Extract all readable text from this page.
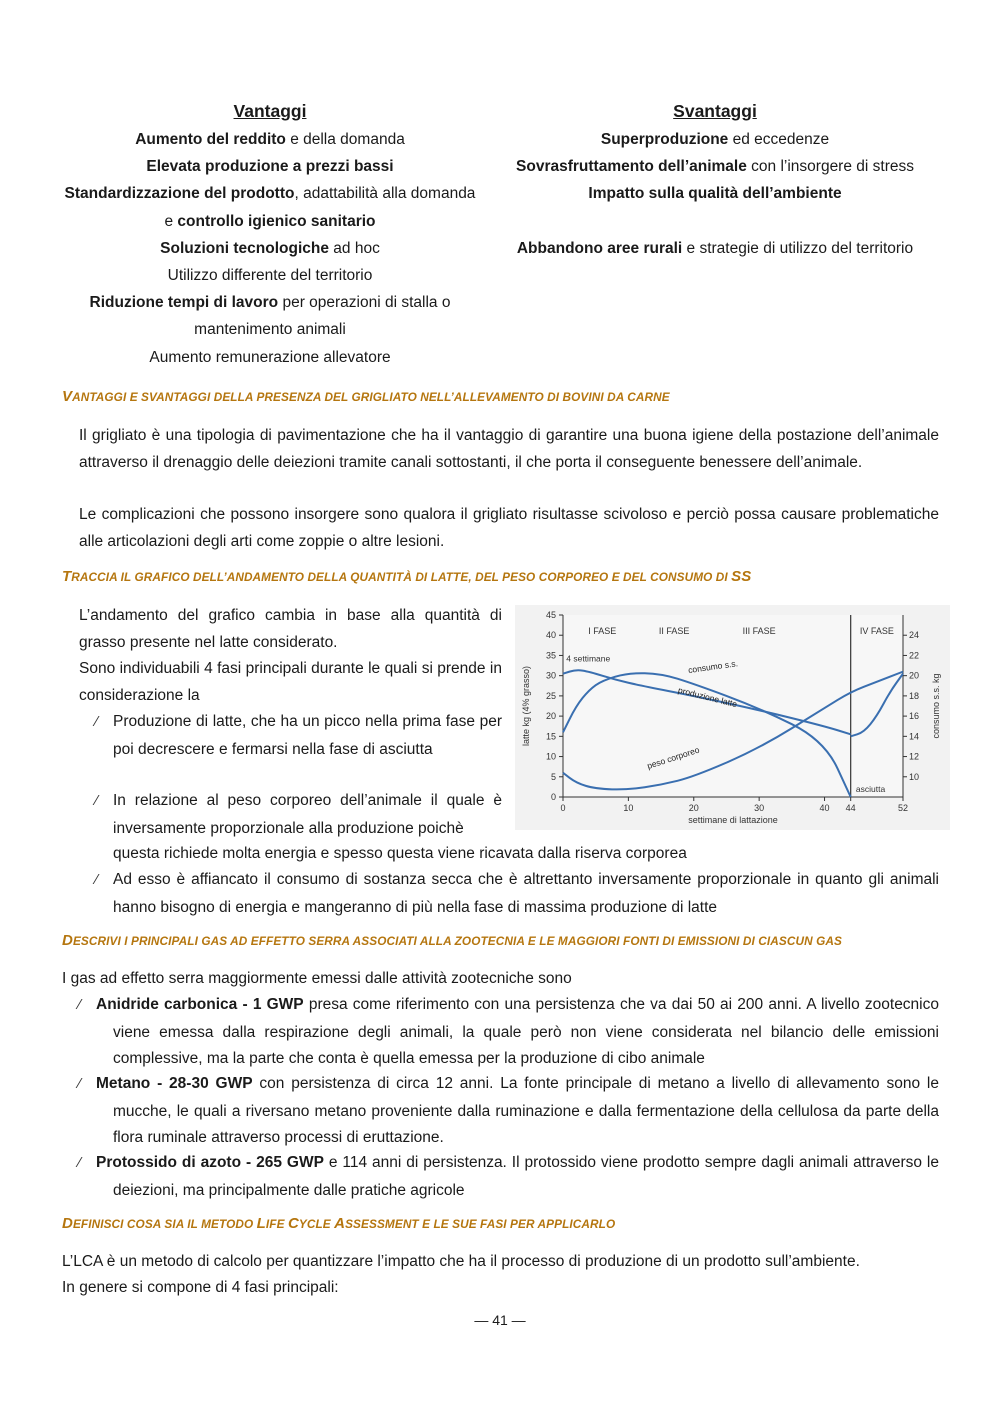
Vantaggi
Aumento del reddito e della domanda
Elevata produzione a prezzi bassi
Standardizzazione del prodotto, adattabilità alla domanda
e controllo igienico sanitario
Soluzioni tecnologiche ad hoc
Utilizzo differente del territorio
Riduzione tempi di lavoro per operazioni di stalla o
mantenimento animali
Aumento remunerazione allevatore
Svantaggi
Superproduzione ed eccedenze
Sovrasfruttamento dell’animale con l’insorgere di stress
Impatto sulla qualità dell’ambiente
Abbandono aree rurali e strategie di utilizzo del territorio
VANTAGGI E SVANTAGGI DELLA PRESENZA DEL GRIGLIATO NELL’ALLEVAMENTO DI BOVINI DA CARNE
Il grigliato è una tipologia di pavimentazione che ha il vantaggio di garantire una buona igiene della postazione dell’animale attraverso il drenaggio delle deiezioni tramite canali sottostanti, il che porta il conseguente benessere dell’animale.
Le complicazioni che possono insorgere sono qualora il grigliato risultasse scivoloso e perciò possa causare problematiche alle articolazioni degli arti come zoppie o altre lesioni.
TRACCIA IL GRAFICO DELL’ANDAMENTO DELLA QUANTITÀ DI LATTE, DEL PESO CORPOREO E DEL CONSUMO DI SS
L’andamento del grafico cambia in base alla quantità di grasso presente nel latte considerato.
Sono individuabili 4 fasi principali durante le quali si prende in considerazione la
⁄ Produzione di latte, che ha un picco nella prima fase per poi decrescere e fermarsi nella fase di asciutta
⁄ In relazione al peso corporeo dell’animale il quale è inversamente proporzionale alla produzione poichè
questa richiede molta energia e spesso questa viene ricavata dalla riserva corporea
⁄ Ad esso è affiancato il consumo di sostanza secca che è altrettanto inversamente proporzionale in quanto gli animali hanno bisogno di energia e mangeranno di più nella fase di massima produzione di latte
0
5
10
15
20
25
30
35
40
45
10
12
14
16
18
20
22
24
0	10	20	30	40 44	52
settimane di lattazione
latte kg (4% grasso)	consumo s.s. kg
I FASE	II FASE	III FASE	IV FASE
4 settimane
asciutta
consumo s.s.
produzione latte
peso corporeo
DESCRIVI I PRINCIPALI GAS AD EFFETTO SERRA ASSOCIATI ALLA ZOOTECNIA E LE MAGGIORI FONTI DI EMISSIONI DI CIASCUN GAS
I gas ad effetto serra maggiormente emessi dalle attività zootecniche sono
⁄ Anidride carbonica - 1 GWP presa come riferimento con una persistenza che va dai 50 ai 200 anni. A livello zootecnico viene emessa dalla respirazione degli animali, la quale però non viene considerata nel bilancio delle emissioni complessive, ma la parte che conta è quella emessa per la produzione di cibo animale
⁄ Metano - 28-30 GWP con persistenza di circa 12 anni. La fonte principale di metano a livello di allevamento sono le mucche, le quali a riversano metano proveniente dalla ruminazione e dalla fermentazione della cellulosa da parte della flora ruminale attraverso processi di eruttazione.
⁄ Protossido di azoto - 265 GWP e 114 anni di persistenza. Il protossido viene prodotto sempre dagli animali attraverso le deiezioni, ma principalmente dalle pratiche agricole
DEFINISCI COSA SIA IL METODO LIFE CYCLE ASSESSMENT E LE SUE FASI PER APPLICARLO
L’LCA è un metodo di calcolo per quantizzare l’impatto che ha il processo di produzione di un prodotto sull’ambiente.
In genere si compone di 4 fasi principali:
— 41 —
